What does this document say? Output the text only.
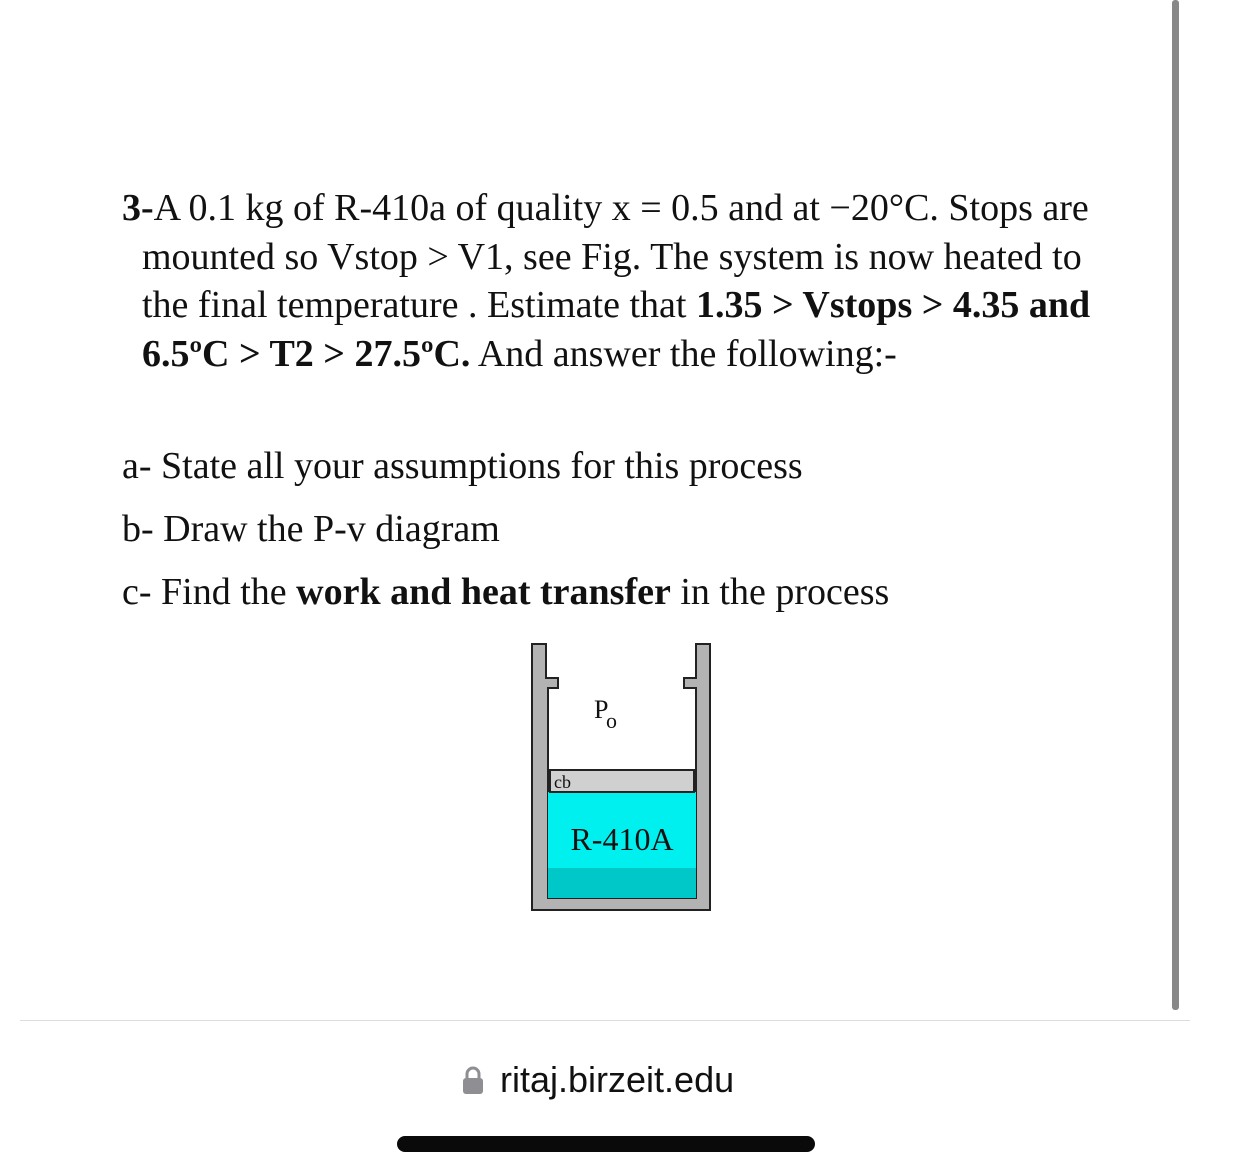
3-A 0.1 kg of R-410a of quality x = 0.5 and at −20°C. Stops are mounted so Vstop > V1, see Fig. The system is now heated to the final temperature . Estimate that 1.35 > Vstops > 4.35 and 6.5ºC > T2 > 27.5ºC. And answer the following:-

a- State all your assumptions for this process

b- Draw the P-v diagram

c- Find the work and heat transfer in the process

cb
R-410A
P
o
ritaj.birzeit.edu
